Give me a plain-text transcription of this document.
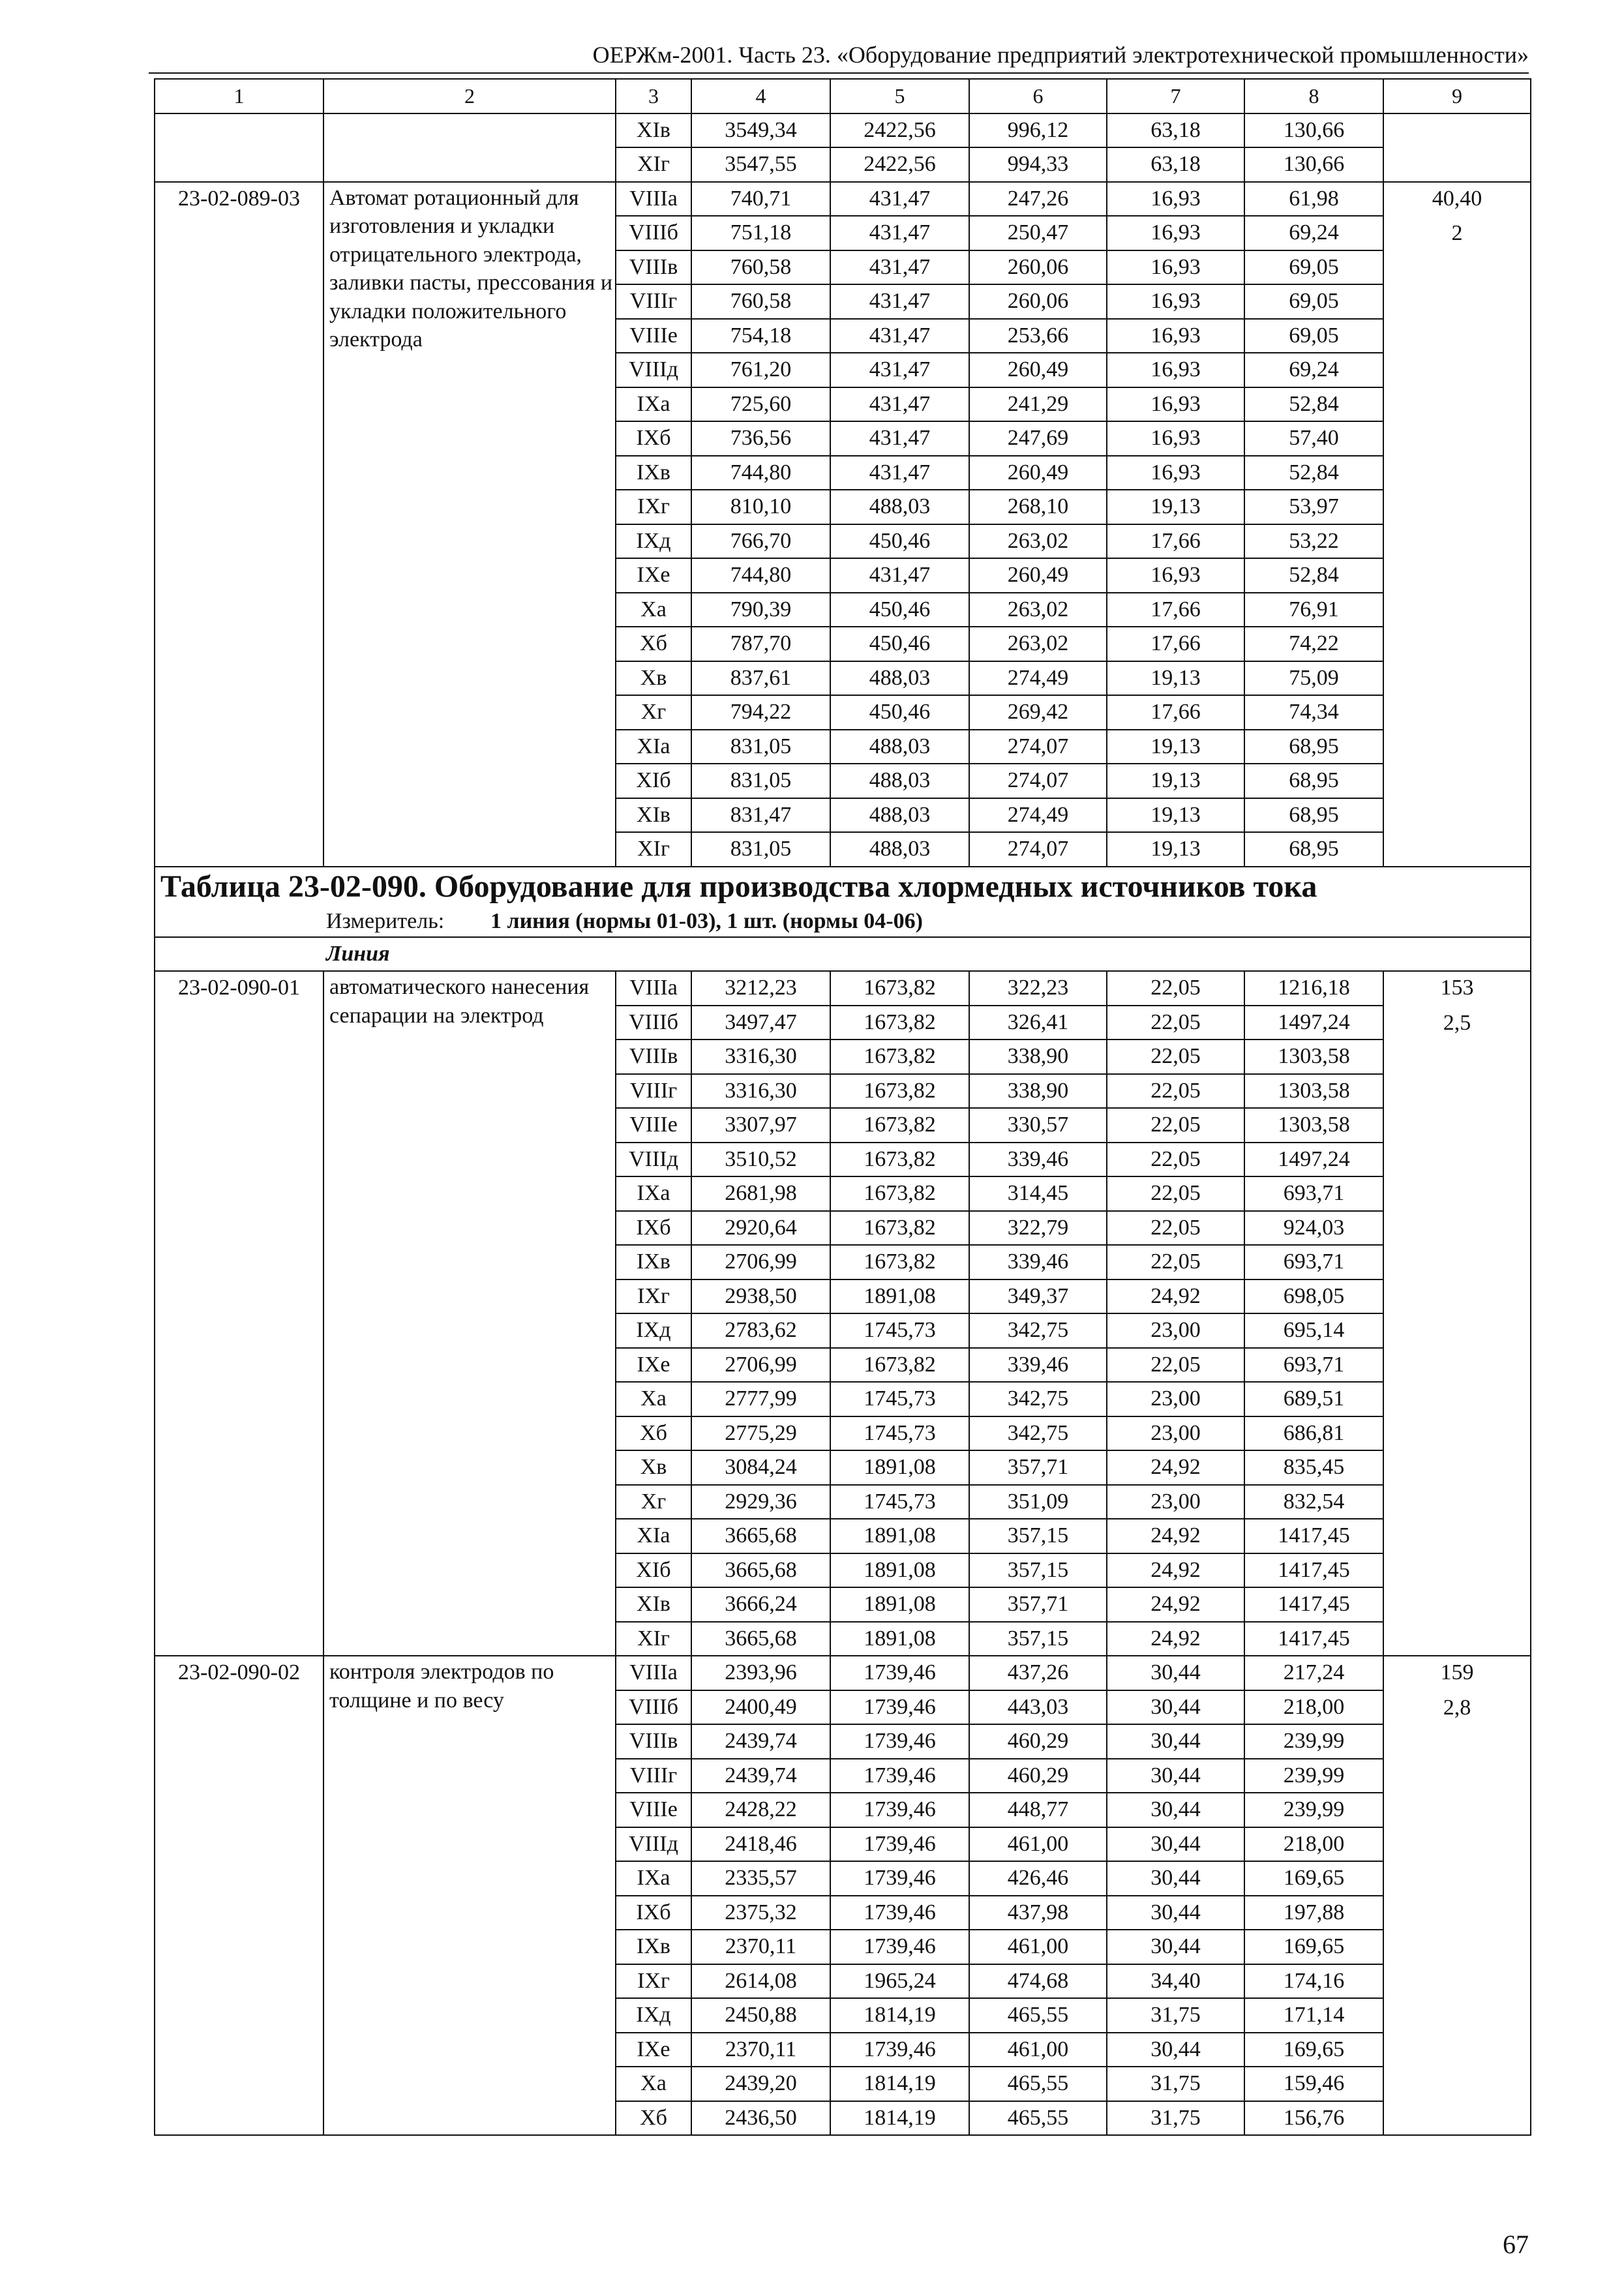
ОЕРЖм-2001. Часть 23. «Оборудование предприятий электротехнической промышленности»
1	2	3	4	5	6	7	8	9
		XIв	3549,34	2422,56	996,12	63,18	130,66	
		XIг	3547,55	2422,56	994,33	63,18	130,66	
23-02-089-03	Автомат ротационный для изготовления и укладки отрицательного электрода, заливки пасты, прессования и укладки положительного электрода	VIIIа	740,71	431,47	247,26	16,93	61,98	40,40
2

		VIIIб	751,18	431,47	250,47	16,93	69,24	
		VIIIв	760,58	431,47	260,06	16,93	69,05	
		VIIIг	760,58	431,47	260,06	16,93	69,05	
		VIIIе	754,18	431,47	253,66	16,93	69,05	
		VIIIд	761,20	431,47	260,49	16,93	69,24	
		IXа	725,60	431,47	241,29	16,93	52,84	
		IXб	736,56	431,47	247,69	16,93	57,40	
		IXв	744,80	431,47	260,49	16,93	52,84	
		IXг	810,10	488,03	268,10	19,13	53,97	
		IXд	766,70	450,46	263,02	17,66	53,22	
		IXе	744,80	431,47	260,49	16,93	52,84	
		Xа	790,39	450,46	263,02	17,66	76,91	
		Xб	787,70	450,46	263,02	17,66	74,22	
		Xв	837,61	488,03	274,49	19,13	75,09	
		Xг	794,22	450,46	269,42	17,66	74,34	
		XIа	831,05	488,03	274,07	19,13	68,95	
		XIб	831,05	488,03	274,07	19,13	68,95	
		XIв	831,47	488,03	274,49	19,13	68,95	
		XIг	831,05	488,03	274,07	19,13	68,95	
Таблица 23-02-090. Оборудование для производства хлормедных источников тока								
Измеритель: 1 линия (нормы 01-03), 1 шт. (нормы 04-06)								
Линия								
23-02-090-01	автоматического нанесения сепарации на электрод	VIIIа	3212,23	1673,82	322,23	22,05	1216,18	153
2,5

		VIIIб	3497,47	1673,82	326,41	22,05	1497,24	
		VIIIв	3316,30	1673,82	338,90	22,05	1303,58	
		VIIIг	3316,30	1673,82	338,90	22,05	1303,58	
		VIIIе	3307,97	1673,82	330,57	22,05	1303,58	
		VIIIд	3510,52	1673,82	339,46	22,05	1497,24	
		IXа	2681,98	1673,82	314,45	22,05	693,71	
		IXб	2920,64	1673,82	322,79	22,05	924,03	
		IXв	2706,99	1673,82	339,46	22,05	693,71	
		IXг	2938,50	1891,08	349,37	24,92	698,05	
		IXд	2783,62	1745,73	342,75	23,00	695,14	
		IXе	2706,99	1673,82	339,46	22,05	693,71	
		Xа	2777,99	1745,73	342,75	23,00	689,51	
		Xб	2775,29	1745,73	342,75	23,00	686,81	
		Xв	3084,24	1891,08	357,71	24,92	835,45	
		Xг	2929,36	1745,73	351,09	23,00	832,54	
		XIа	3665,68	1891,08	357,15	24,92	1417,45	
		XIб	3665,68	1891,08	357,15	24,92	1417,45	
		XIв	3666,24	1891,08	357,71	24,92	1417,45	
		XIг	3665,68	1891,08	357,15	24,92	1417,45	
23-02-090-02	контроля электродов по толщине и по весу	VIIIа	2393,96	1739,46	437,26	30,44	217,24	159
2,8

		VIIIб	2400,49	1739,46	443,03	30,44	218,00	
		VIIIв	2439,74	1739,46	460,29	30,44	239,99	
		VIIIг	2439,74	1739,46	460,29	30,44	239,99	
		VIIIе	2428,22	1739,46	448,77	30,44	239,99	
		VIIIд	2418,46	1739,46	461,00	30,44	218,00	
		IXа	2335,57	1739,46	426,46	30,44	169,65	
		IXб	2375,32	1739,46	437,98	30,44	197,88	
		IXв	2370,11	1739,46	461,00	30,44	169,65	
		IXг	2614,08	1965,24	474,68	34,40	174,16	
		IXд	2450,88	1814,19	465,55	31,75	171,14	
		IXе	2370,11	1739,46	461,00	30,44	169,65	
		Xа	2439,20	1814,19	465,55	31,75	159,46	
		Xб	2436,50	1814,19	465,55	31,75	156,76	
67
